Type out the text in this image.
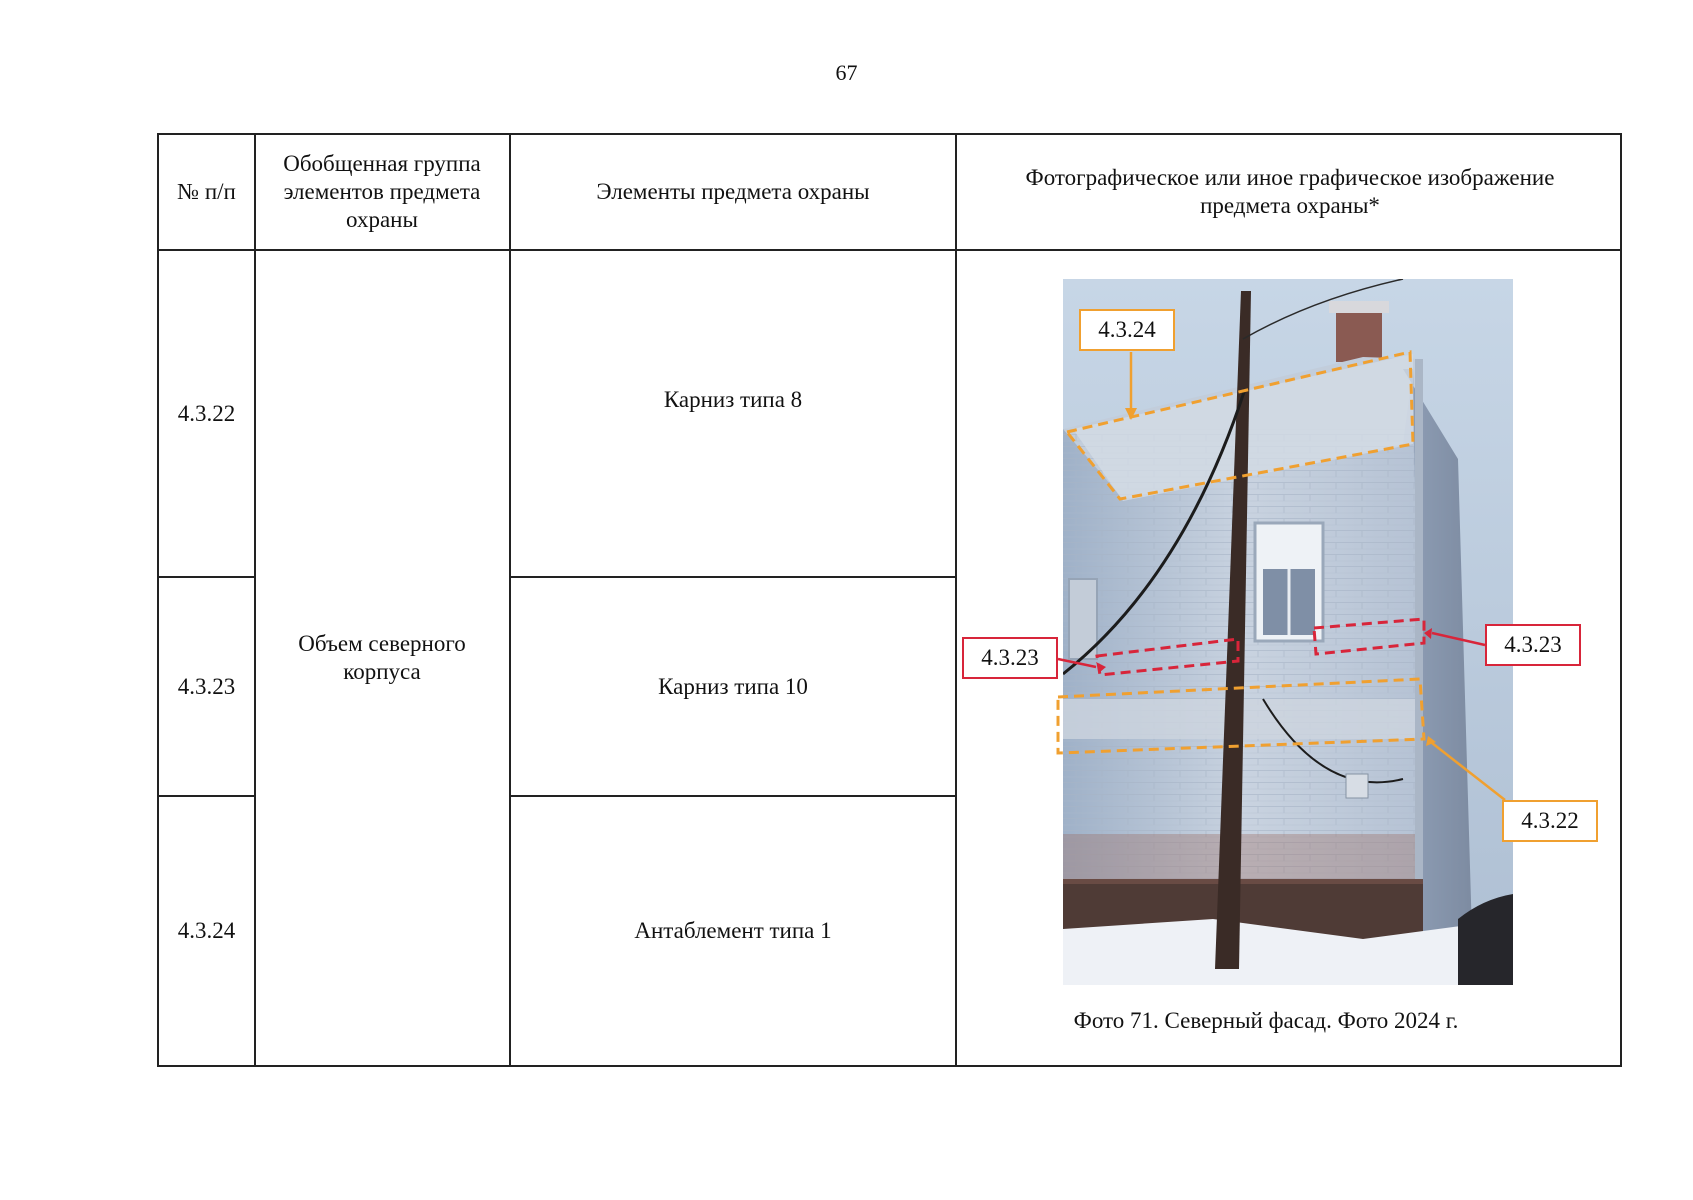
67
№ п/п
Обобщенная группа элементов предмета охраны
Элементы предмета охраны
Фотографическое или иное графическое изображение предмета охраны*
4.3.22
4.3.23
4.3.24
Объем северного корпуса
Карниз типа 8
Карниз типа 10
Антаблемент типа 1
4.3.24
4.3.23
4.3.23
4.3.22
Фото 71. Северный фасад. Фото 2024 г.
